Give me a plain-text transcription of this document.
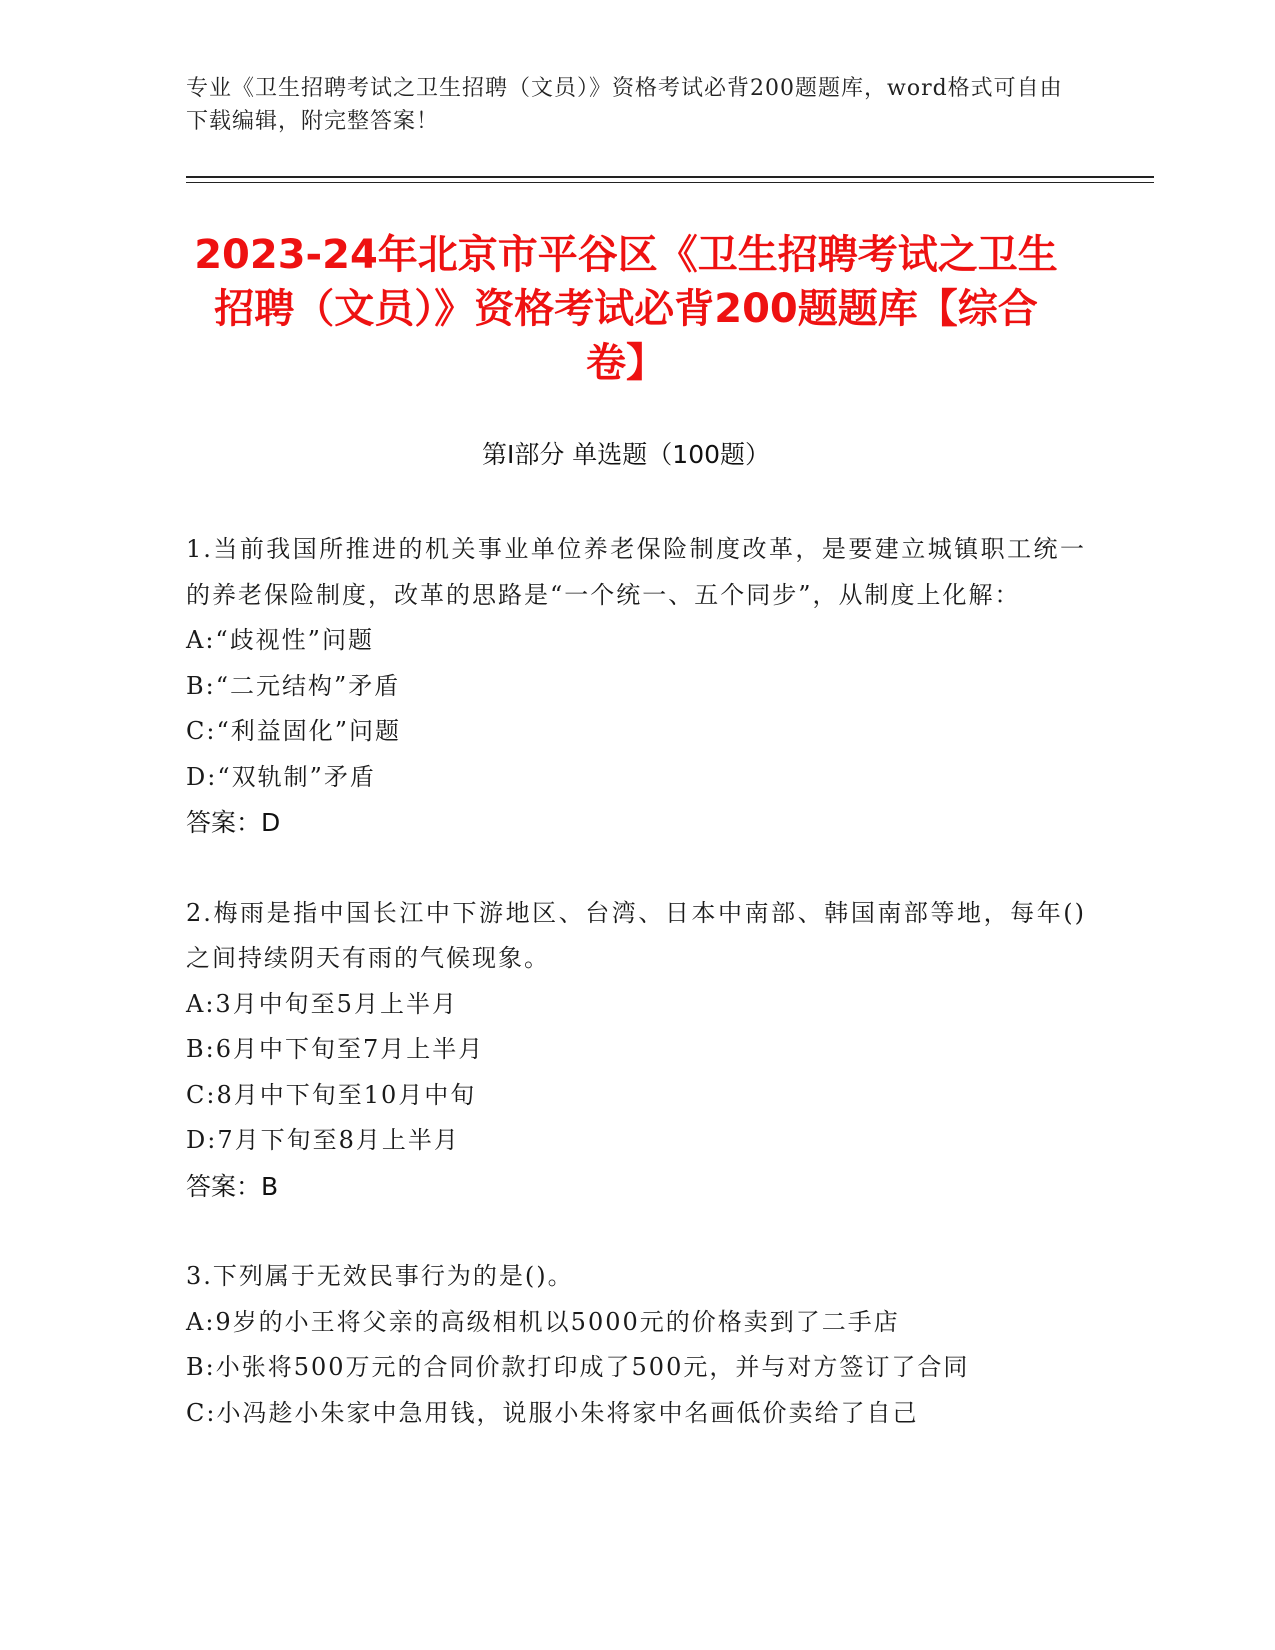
专业《卫生招聘考试之卫生招聘（文员）》资格考试必背200题题库，word格式可自由下载编辑，附完整答案！
2023-24年北京市平谷区《卫生招聘考试之卫生招聘（文员）》资格考试必背200题题库【综合卷】
第I部分 单选题（100题）
1.当前我国所推进的机关事业单位养老保险制度改革，是要建立城镇职工统一的养老保险制度，改革的思路是“一个统一、五个同步”，从制度上化解：
A:“歧视性”问题
B:“二元结构”矛盾
C:“利益固化”问题
D:“双轨制”矛盾
答案：D
2.梅雨是指中国长江中下游地区、台湾、日本中南部、韩国南部等地，每年()之间持续阴天有雨的气候现象。
A:3月中旬至5月上半月
B:6月中下旬至7月上半月
C:8月中下旬至10月中旬
D:7月下旬至8月上半月
答案：B
3.下列属于无效民事行为的是()。
A:9岁的小王将父亲的高级相机以5000元的价格卖到了二手店
B:小张将500万元的合同价款打印成了500元，并与对方签订了合同
C:小冯趁小朱家中急用钱，说服小朱将家中名画低价卖给了自己
